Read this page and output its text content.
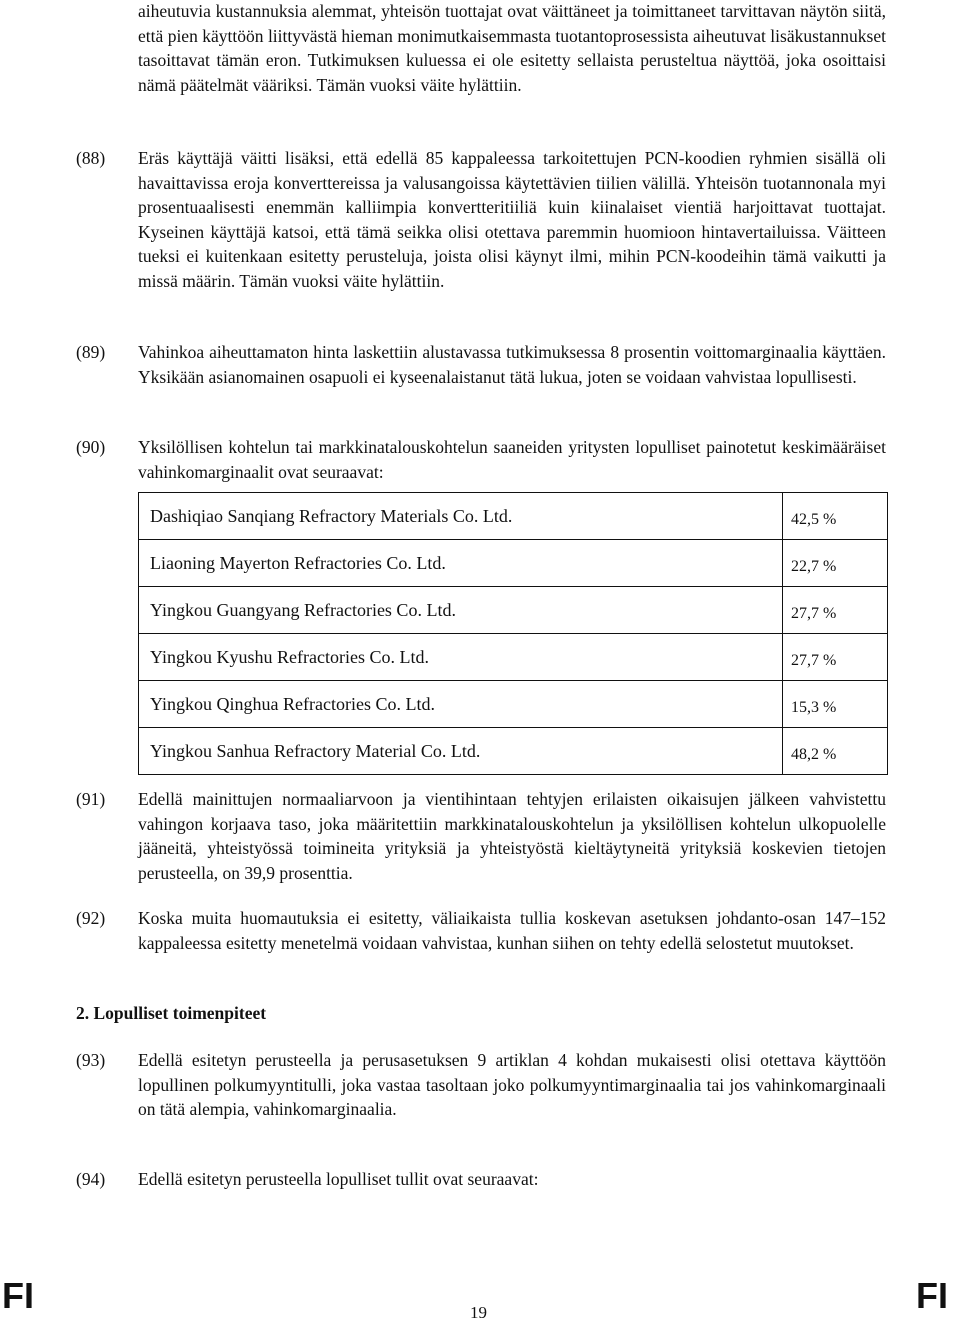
aiheutuvia kustannuksia alemmat, yhteisön tuottajat ovat väittäneet ja toimittaneet tarvittavan näytön siitä, että pien käyttöön liittyvästä hieman monimutkaisemmasta tuotantoprosessista aiheutuvat lisäkustannukset tasoittavat tämän eron. Tutkimuksen kuluessa ei ole esitetty sellaista perusteltua näyttöä, joka osoittaisi nämä päätelmät vääriksi. Tämän vuoksi väite hylättiin.
(88) Eräs käyttäjä väitti lisäksi, että edellä 85 kappaleessa tarkoitettujen PCN-koodien ryhmien sisällä oli havaittavissa eroja konverttereissa ja valusangoissa käytettävien tiilien välillä. Yhteisön tuotannonala myi prosentuaalisesti enemmän kalliimpia konvertteritiiliä kuin kiinalaiset vientiä harjoittavat tuottajat. Kyseinen käyttäjä katsoi, että tämä seikka olisi otettava paremmin huomioon hintavertailuissa. Väitteen tueksi ei kuitenkaan esitetty perusteluja, joista olisi käynyt ilmi, mihin PCN-koodeihin tämä vaikutti ja missä määrin. Tämän vuoksi väite hylättiin.
(89) Vahinkoa aiheuttamaton hinta laskettiin alustavassa tutkimuksessa 8 prosentin voittomarginaalia käyttäen. Yksikään asianomainen osapuoli ei kyseenalaistanut tätä lukua, joten se voidaan vahvistaa lopullisesti.
(90) Yksilöllisen kohtelun tai markkinatalouskohtelun saaneiden yritysten lopulliset painotetut keskimääräiset vahinkomarginaalit ovat seuraavat:
Dashiqiao Sanqiang Refractory Materials Co. Ltd.	42,5 %
Liaoning Mayerton Refractories Co. Ltd.	22,7 %
Yingkou Guangyang Refractories Co. Ltd.	27,7 %
Yingkou Kyushu Refractories Co. Ltd.	27,7 %
Yingkou Qinghua Refractories Co. Ltd.	15,3 %
Yingkou Sanhua Refractory Material Co. Ltd.	48,2 %
(91) Edellä mainittujen normaaliarvoon ja vientihintaan tehtyjen erilaisten oikaisujen jälkeen vahvistettu vahingon korjaava taso, joka määritettiin markkinatalouskohtelun ja yksilöllisen kohtelun ulkopuolelle jääneitä, yhteistyössä toimineita yrityksiä ja yhteistyöstä kieltäytyneitä yrityksiä koskevien tietojen perusteella, on 39,9 prosenttia.
(92) Koska muita huomautuksia ei esitetty, väliaikaista tullia koskevan asetuksen johdanto-osan 147–152 kappaleessa esitetty menetelmä voidaan vahvistaa, kunhan siihen on tehty edellä selostetut muutokset.
2. Lopulliset toimenpiteet
(93) Edellä esitetyn perusteella ja perusasetuksen 9 artiklan 4 kohdan mukaisesti olisi otettava käyttöön lopullinen polkumyyntitulli, joka vastaa tasoltaan joko polkumyyntimarginaalia tai jos vahinkomarginaali on tätä alempia, vahinkomarginaalia.
(94) Edellä esitetyn perusteella lopulliset tullit ovat seuraavat:
FI	19	FI
